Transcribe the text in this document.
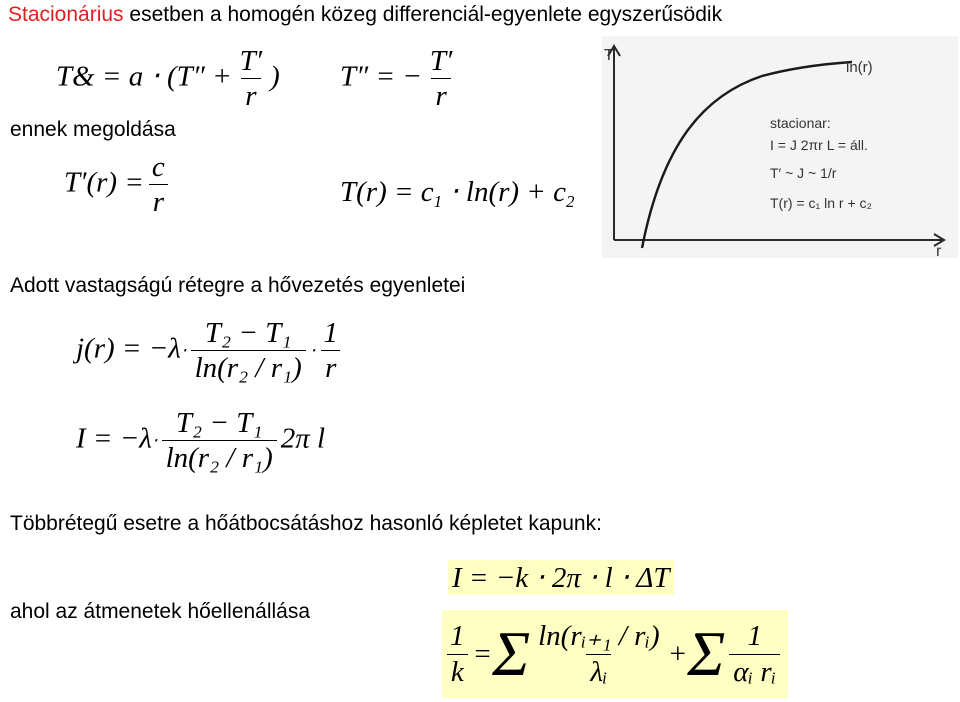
Stacionárius esetben a homogén közeg differenciál-egyenlete egyszerűsödik
T& = $a \cdot (T'' + \frac{T'}{r}$ ) T″ = − $\frac{T'}{r}$
ennek megoldása
$T'(r) = \frac{c}{r}$	$T(r) = c_1 \cdot \ln(r) + c_2$
Adott vastagságú rétegre a hővezetés egyenletei
$j(r) = -\lambda\cdot \frac{\text{T₂ − T₁}}{\text{ln(r₂ / r₁)}} \cdot \frac{1}{r}$
$I = -\lambda\cdot \frac{\text{T₂ − T₁}}{\text{ln(r₂ / r₁)}} 2\pi$ l
Többrétegű esetre a hőátbocsátáshoz hasonló képletet kapunk:
I = −k ⋅ 2π ⋅ l ⋅ ΔT
ahol az átmenetek hőellenállása
$\frac{1}{k} = \Sigma \frac{\text{ln(rᵢ₊₁ / rᵢ)}}{\text{λᵢ}} + \Sigma \frac{1}{\text{αᵢ rᵢ}}$
T
r
ln(r)
stacionar:
I = J 2πr L = áll.
T′ ~ J ~ 1/r
T(r) = c₁ ln r + c₂
